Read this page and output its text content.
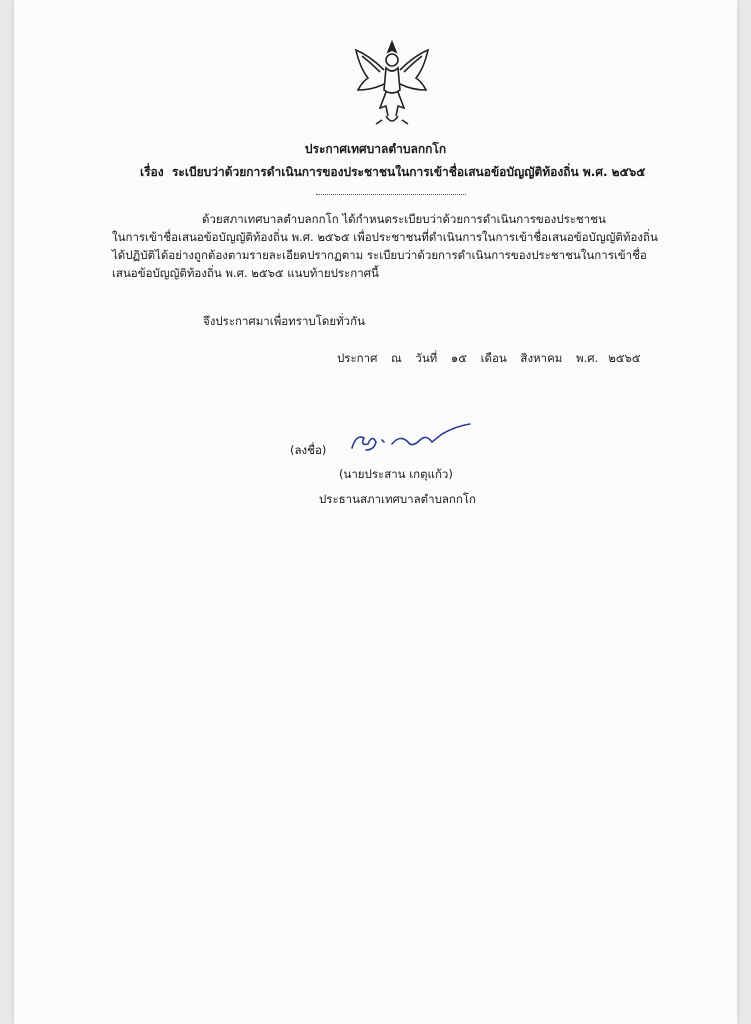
ประกาศเทศบาลตำบลกกโก
เรื่อง ระเบียบว่าด้วยการดำเนินการของประชาชนในการเข้าชื่อเสนอข้อบัญญัติท้องถิ่น พ.ศ. ๒๕๖๕
ด้วยสภาเทศบาลตำบลกกโก ได้กำหนดระเบียบว่าด้วยการดำเนินการของประชาชน
ในการเข้าชื่อเสนอข้อบัญญัติท้องถิ่น พ.ศ. ๒๕๖๕ เพื่อประชาชนที่ดำเนินการในการเข้าชื่อเสนอข้อบัญญัติท้องถิ่น
ได้ปฏิบัติได้อย่างถูกต้องตามรายละเอียดปรากฏตาม ระเบียบว่าด้วยการดำเนินการของประชาชนในการเข้าชื่อ
เสนอข้อบัญญัติท้องถิ่น พ.ศ. ๒๕๖๕ แนบท้ายประกาศนี้
จึงประกาศมาเพื่อทราบโดยทั่วกัน
ประกาศ ณ วันที่ ๑๕ เดือน สิงหาคม พ.ศ. ๒๕๖๕
(ลงชื่อ)
(นายประสาน เกตุแก้ว)
ประธานสภาเทศบาลตำบลกกโก
